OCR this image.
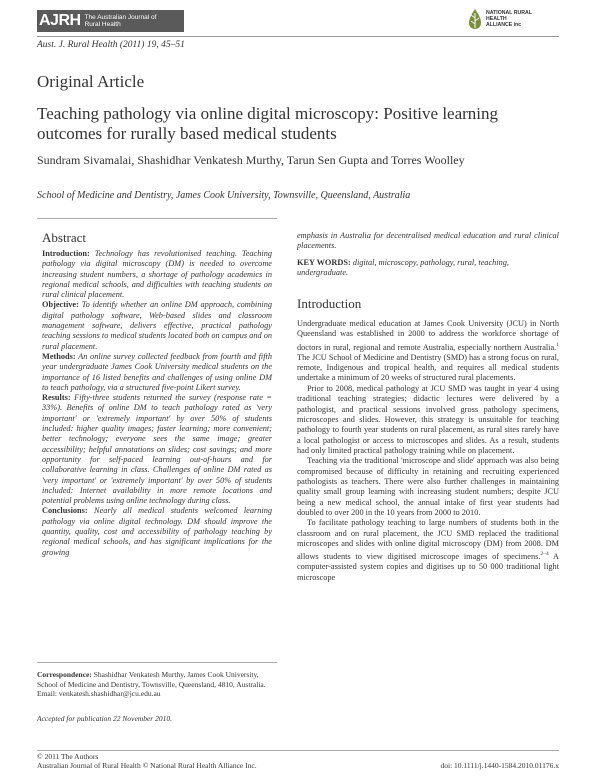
AJRH The Australian Journal of
Rural Health
NATIONAL RURAL
HEALTH
ALLIANCE inc
Aust. J. Rural Health (2011) 19, 45–51
Original Article
Teaching pathology via online digital microscopy: Positive learning outcomes for rurally based medical students
Sundram Sivamalai, Shashidhar Venkatesh Murthy, Tarun Sen Gupta and Torres Woolley
School of Medicine and Dentistry, James Cook University, Townsville, Queensland, Australia
Abstract

Introduction: Technology has revolutionised teaching. Teaching pathology via digital microscopy (DM) is needed to overcome increasing student numbers, a shortage of pathology academics in regional medical schools, and difficulties with teaching students on rural clinical placement.

Objective: To identify whether an online DM approach, combining digital pathology software, Web-based slides and classroom management software, delivers effective, practical pathology teaching sessions to medical students located both on campus and on rural placement.

Methods: An online survey collected feedback from fourth and fifth year undergraduate James Cook University medical students on the importance of 16 listed benefits and challenges of using online DM to teach pathology, via a structured five-point Likert survey.

Results: Fifty-three students returned the survey (response rate = 33%). Benefits of online DM to teach pathology rated as 'very important' or 'extremely important' by over 50% of students included: higher quality images; faster learning; more convenient; better technology; everyone sees the same image; greater accessibility; helpful annotations on slides; cost savings; and more opportunity for self-paced learning out-of-hours and for collaborative learning in class. Challenges of online DM rated as 'very important' or 'extremely important' by over 50% of students included: Internet availability in more remote locations and potential problems using online technology during class.

Conclusions: Nearly all medical students welcomed learning pathology via online digital technology. DM should improve the quantity, quality, cost and accessibility of pathology teaching by regional medical schools, and has significant implications for the growing

Correspondence: Shashidhar Venkatesh Murthy, James Cook University, School of Medicine and Dentistry, Townsville, Queensland, 4810, Australia. Email: venkatesh.shashidhar@jcu.edu.au
Accepted for publication 22 November 2010.
emphasis in Australia for decentralised medical education and rural clinical placements.
KEY WORDS: digital, microscopy, pathology, rural, teaching, undergraduate.
Introduction

Undergraduate medical education at James Cook University (JCU) in North Queensland was established in 2000 to address the workforce shortage of doctors in rural, regional and remote Australia, especially northern Australia.$^1$ The JCU School of Medicine and Dentistry (SMD) has a strong focus on rural, remote, Indigenous and tropical health, and requires all medical students undertake a minimum of 20 weeks of structured rural placements.

Prior to 2008, medical pathology at JCU SMD was taught in year 4 using traditional teaching strategies; didactic lectures were delivered by a pathologist, and practical sessions involved gross pathology specimens, microscopes and slides. However, this strategy is unsuitable for teaching pathology to fourth year students on rural placement, as rural sites rarely have a local pathologist or access to microscopes and slides. As a result, students had only limited practical pathology training while on placement.

Teaching via the traditional 'microscope and slide' approach was also being compromised because of difficulty in retaining and recruiting experienced pathologists as teachers. There were also further challenges in maintaining quality small group learning with increasing student numbers; despite JCU being a new medical school, the annual intake of first year students had doubled to over 200 in the 10 years from 2000 to 2010.

To facilitate pathology teaching to large numbers of students both in the classroom and on rural placement, the JCU SMD replaced the traditional microscopes and slides with online digital microscopy (DM) from 2008. DM allows students to view digitised microscope images of specimens.$^{2-4}$ A computer-assisted system copies and digitises up to 50 000 traditional light microscope

© 2011 The Authors
Australian Journal of Rural Health © National Rural Health Alliance Inc.	doi: 10.1111/j.1440-1584.2010.01176.x
